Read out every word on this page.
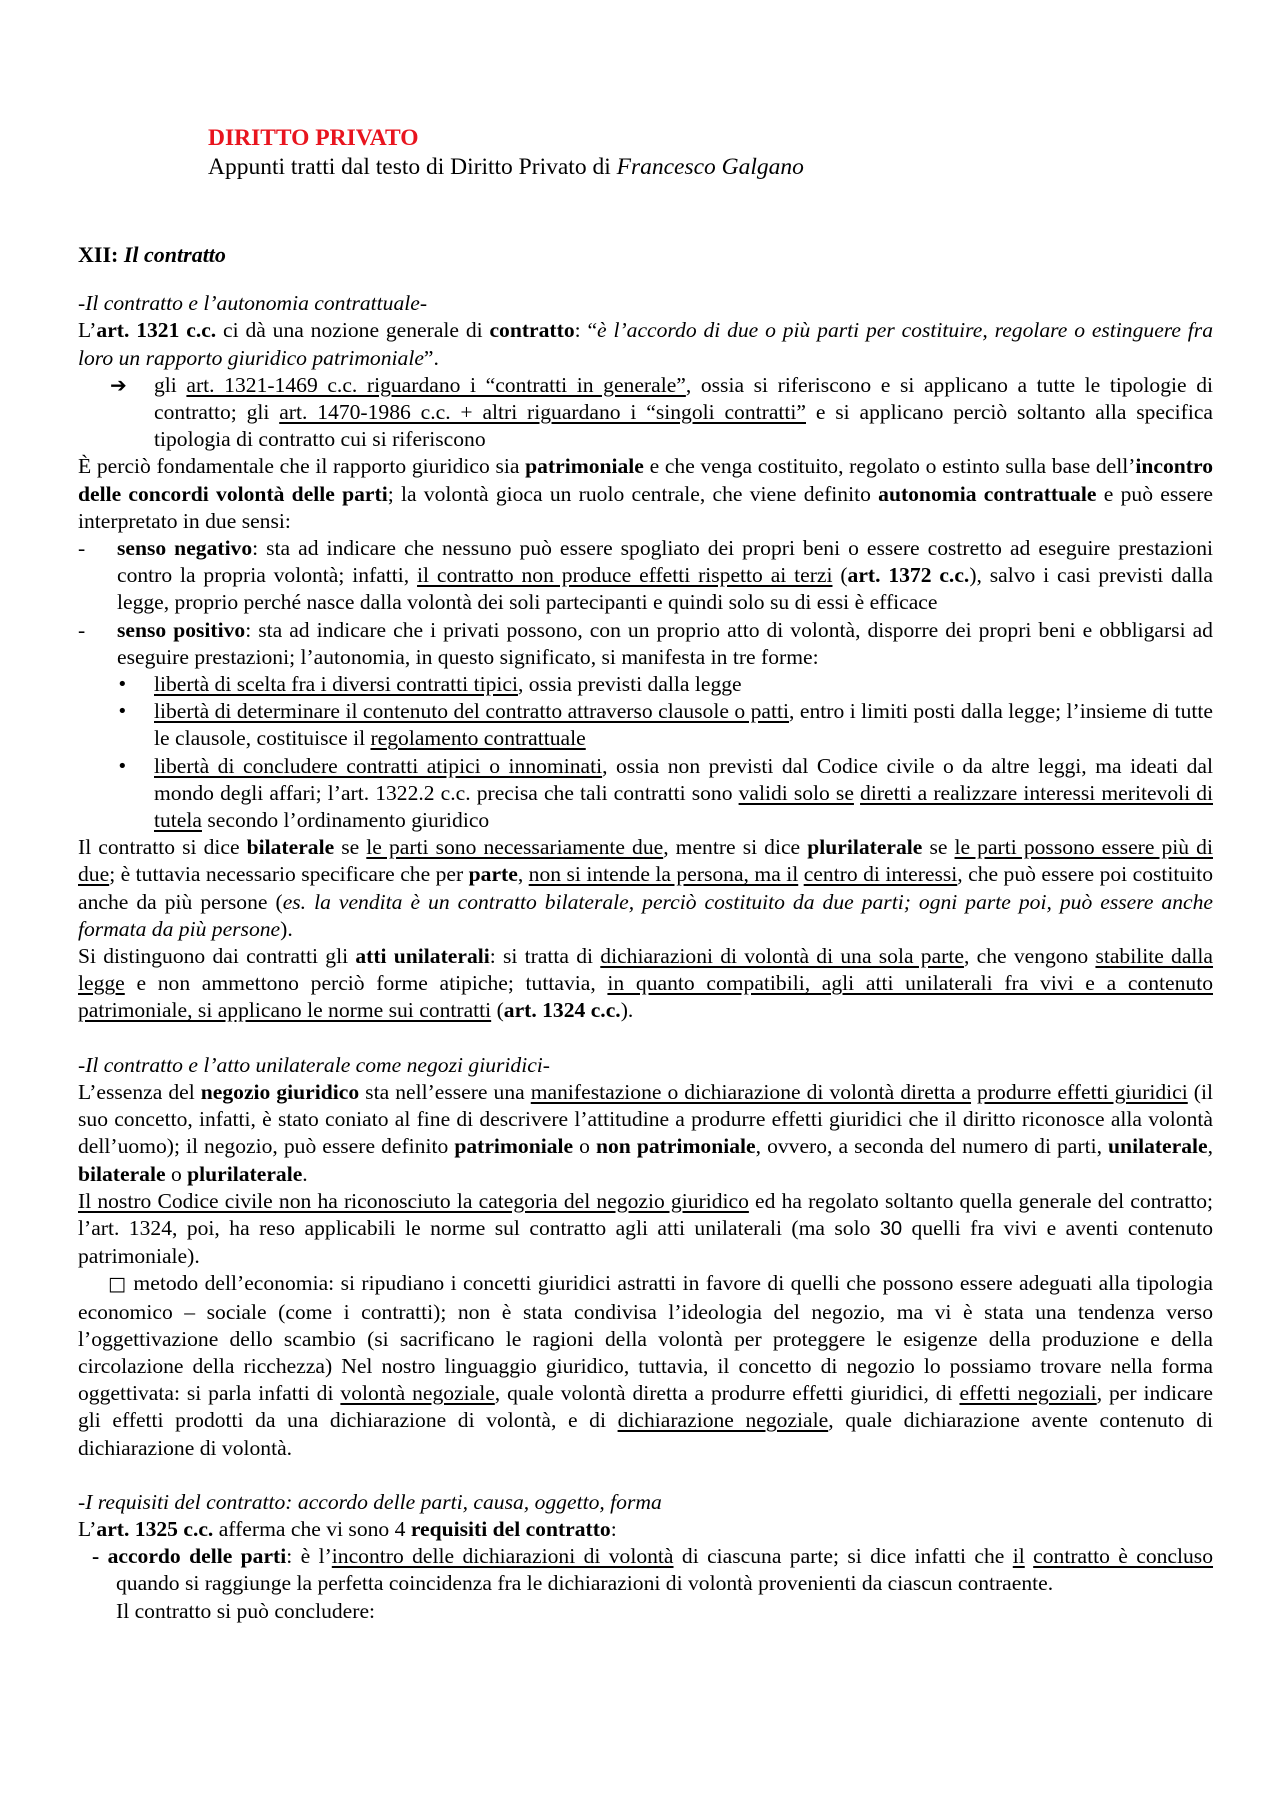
DIRITTO PRIVATO
Appunti tratti dal testo di Diritto Privato di Francesco Galgano
XII: Il contratto
-Il contratto e l’autonomia contrattuale-

L’art. 1321 c.c. ci dà una nozione generale di contratto: “è l’accordo di due o più parti per costituire, regolare o estinguere fra loro un rapporto giuridico patrimoniale”.

➔	gli art. 1321-1469 c.c. riguardano i “contratti in generale”, ossia si riferiscono e si applicano a tutte le tipologie di contratto; gli art. 1470-1986 c.c. + altri riguardano i “singoli contratti” e si applicano perciò soltanto alla specifica tipologia di contratto cui si riferiscono

È perciò fondamentale che il rapporto giuridico sia patrimoniale e che venga costituito, regolato o estinto sulla base dell’incontro delle concordi volontà delle parti; la volontà gioca un ruolo centrale, che viene definito autonomia contrattuale e può essere interpretato in due sensi:

-	senso negativo: sta ad indicare che nessuno può essere spogliato dei propri beni o essere costretto ad eseguire prestazioni contro la propria volontà; infatti, il contratto non produce effetti rispetto ai terzi (art. 1372 c.c.), salvo i casi previsti dalla legge, proprio perché nasce dalla volontà dei soli partecipanti e quindi solo su di essi è efficace
-	senso positivo: sta ad indicare che i privati possono, con un proprio atto di volontà, disporre dei propri beni e obbligarsi ad eseguire prestazioni; l’autonomia, in questo significato, si manifesta in tre forme:
•	libertà di scelta fra i diversi contratti tipici, ossia previsti dalla legge
•	libertà di determinare il contenuto del contratto attraverso clausole o patti, entro i limiti posti dalla legge; l’insieme di tutte le clausole, costituisce il regolamento contrattuale
•	libertà di concludere contratti atipici o innominati, ossia non previsti dal Codice civile o da altre leggi, ma ideati dal mondo degli affari; l’art. 1322.2 c.c. precisa che tali contratti sono validi solo se diretti a realizzare interessi meritevoli di tutela secondo l’ordinamento giuridico

Il contratto si dice bilaterale se le parti sono necessariamente due, mentre si dice plurilaterale se le parti possono essere più di due; è tuttavia necessario specificare che per parte, non si intende la persona, ma il centro di interessi, che può essere poi costituito anche da più persone (es. la vendita è un contratto bilaterale, perciò costituito da due parti; ogni parte poi, può essere anche formata da più persone).

Si distinguono dai contratti gli atti unilaterali: si tratta di dichiarazioni di volontà di una sola parte, che vengono stabilite dalla legge e non ammettono perciò forme atipiche; tuttavia, in quanto compatibili, agli atti unilaterali fra vivi e a contenuto patrimoniale, si applicano le norme sui contratti (art. 1324 c.c.).

-Il contratto e l’atto unilaterale come negozi giuridici-

L’essenza del negozio giuridico sta nell’essere una manifestazione o dichiarazione di volontà diretta a produrre effetti giuridici (il suo concetto, infatti, è stato coniato al fine di descrivere l’attitudine a produrre effetti giuridici che il diritto riconosce alla volontà dell’uomo); il negozio, può essere definito patrimoniale o non patrimoniale, ovvero, a seconda del numero di parti, unilaterale, bilaterale o plurilaterale.

Il nostro Codice civile non ha riconosciuto la categoria del negozio giuridico ed ha regolato soltanto quella generale del contratto; l’art. 1324, poi, ha reso applicabili le norme sul contratto agli atti unilaterali (ma solo 30 quelli fra vivi e aventi contenuto patrimoniale).

□ metodo dell’economia: si ripudiano i concetti giuridici astratti in favore di quelli che possono essere adeguati alla tipologia economico – sociale (come i contratti); non è stata condivisa l’ideologia del negozio, ma vi è stata una tendenza verso l’oggettivazione dello scambio (si sacrificano le ragioni della volontà per proteggere le esigenze della produzione e della circolazione della ricchezza) Nel nostro linguaggio giuridico, tuttavia, il concetto di negozio lo possiamo trovare nella forma oggettivata: si parla infatti di volontà negoziale, quale volontà diretta a produrre effetti giuridici, di effetti negoziali, per indicare gli effetti prodotti da una dichiarazione di volontà, e di dichiarazione negoziale, quale dichiarazione avente contenuto di dichiarazione di volontà.

-I requisiti del contratto: accordo delle parti, causa, oggetto, forma

L’art. 1325 c.c. afferma che vi sono 4 requisiti del contratto:

- accordo delle parti: è l’incontro delle dichiarazioni di volontà di ciascuna parte; si dice infatti che il contratto è concluso quando si raggiunge la perfetta coincidenza fra le dichiarazioni di volontà provenienti da ciascun contraente.

Il contratto si può concludere:
